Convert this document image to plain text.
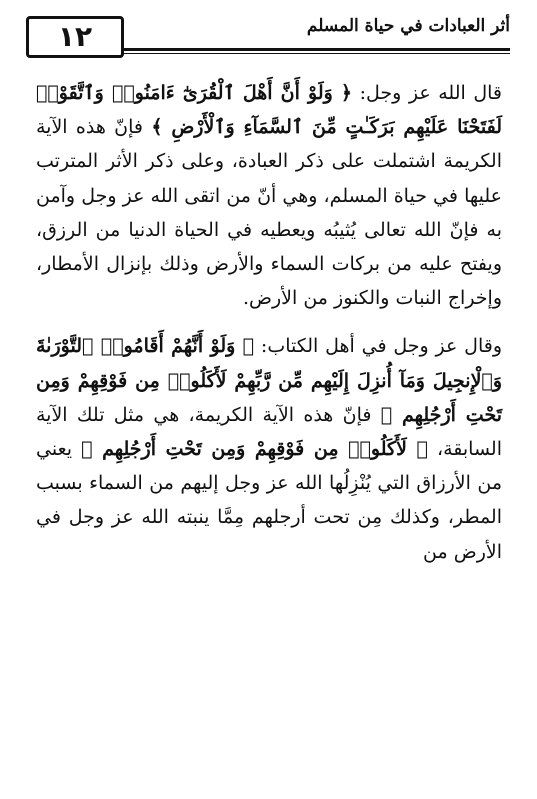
١٢	أثر العبادات في حياة المسلم

قال الله عز وجل: ﴿ وَلَوْ أَنَّ أَهْلَ ٱلْقُرَىٰٓ ءَامَنُوا۟ وَٱتَّقَوْا۟ لَفَتَحْنَا عَلَيْهِم بَرَكَـٰتٍ مِّنَ ٱلسَّمَآءِ وَٱلْأَرْضِ ﴾ فإنّ هذه الآية الكريمة اشتملت على ذكر العبادة، وعلى ذكر الأثر المترتب عليها في حياة المسلم، وهي أنّ من اتقى الله عز وجل وآمن به فإنّ الله تعالى يُثيبُه ويعطيه في الحياة الدنيا من الرزق، ويفتح عليه من بركات السماء والأرض وذلك بإنزال الأمطار، وإخراج النبات والكنوز من الأرض.

وقال عز وجل في أهل الكتاب: ﴿ وَلَوْ أَنَّهُمْ أَقَامُوا۟ ٱلتَّوْرَىٰةَ وَٱلْإِنجِيلَ وَمَآ أُنزِلَ إِلَيْهِم مِّن رَّبِّهِمْ لَأَكَلُوا۟ مِن فَوْقِهِمْ وَمِن تَحْتِ أَرْجُلِهِم ﴾ فإنّ هذه الآية الكريمة، هي مثل تلك الآية السابقة، ﴿ لَأَكَلُوا۟ مِن فَوْقِهِمْ وَمِن تَحْتِ أَرْجُلِهِم ﴾ يعني من الأرزاق التي يُنْزِلُها الله عز وجل إليهم من السماء بسبب المطر، وكذلك مِن تحت أرجلهم مِمَّا ينبته الله عز وجل في الأرض من
